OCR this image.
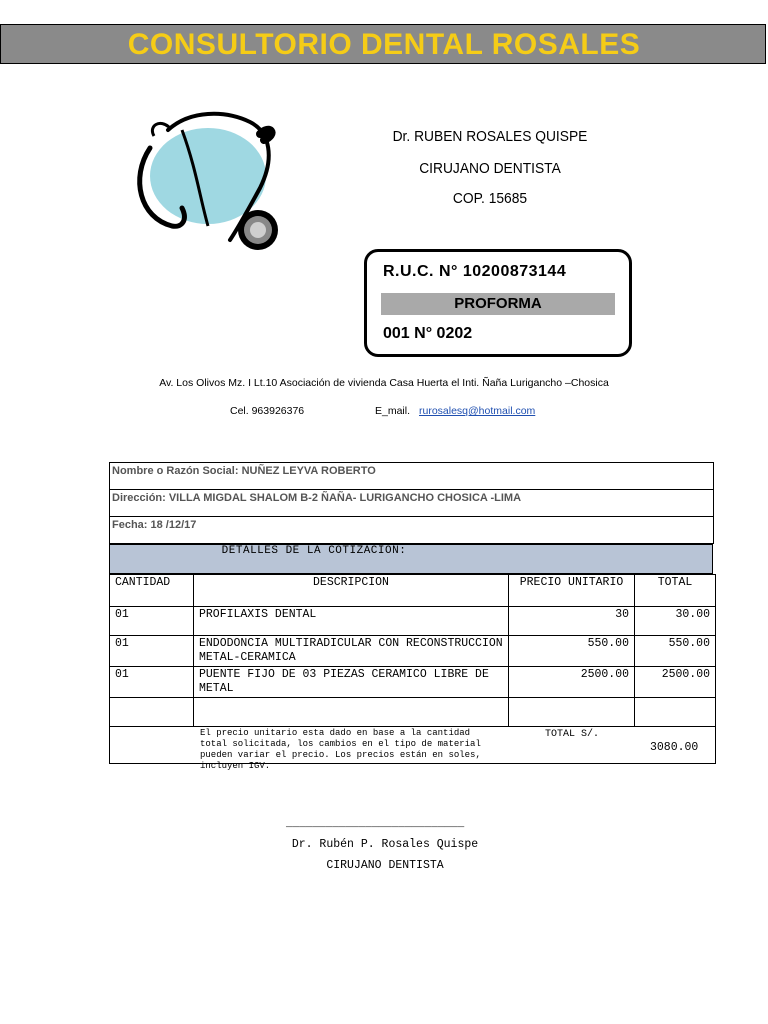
CONSULTORIO DENTAL ROSALES
Dr. RUBEN ROSALES QUISPE
CIRUJANO DENTISTA
COP. 15685
R.U.C. N° 10200873144
PROFORMA
001 N° 0202
Av. Los Olivos Mz. I Lt.10 Asociación de vivienda Casa Huerta el Inti. Ñaña Lurigancho –Chosica
Cel. 963926376	E_mail. rurosalesq@hotmail.com
Nombre o Razón Social: NUÑEZ LEYVA ROBERTO
Dirección: VILLA MIGDAL SHALOM B-2 ÑAÑA- LURIGANCHO CHOSICA -LIMA
Fecha: 18 /12/17
DETALLES DE LA COTIZACION:
CANTIDAD	DESCRIPCION	PRECIO UNITARIO	TOTAL
01	PROFILAXIS DENTAL	30	30.00
01	ENDODONCIA MULTIRADICULAR CON RECONSTRUCCION METAL-CERAMICA	550.00	550.00
01	PUENTE FIJO DE 03 PIEZAS CERAMICO LIBRE DE METAL	2500.00	2500.00

El precio unitario esta dado en base a la cantidad total solicitada, los cambios en el tipo de material pueden variar el precio. Los precios están en soles, incluyen IGV.
TOTAL S/.
3080.00			
___________________________
Dr. Rubén P. Rosales Quispe
CIRUJANO DENTISTA
